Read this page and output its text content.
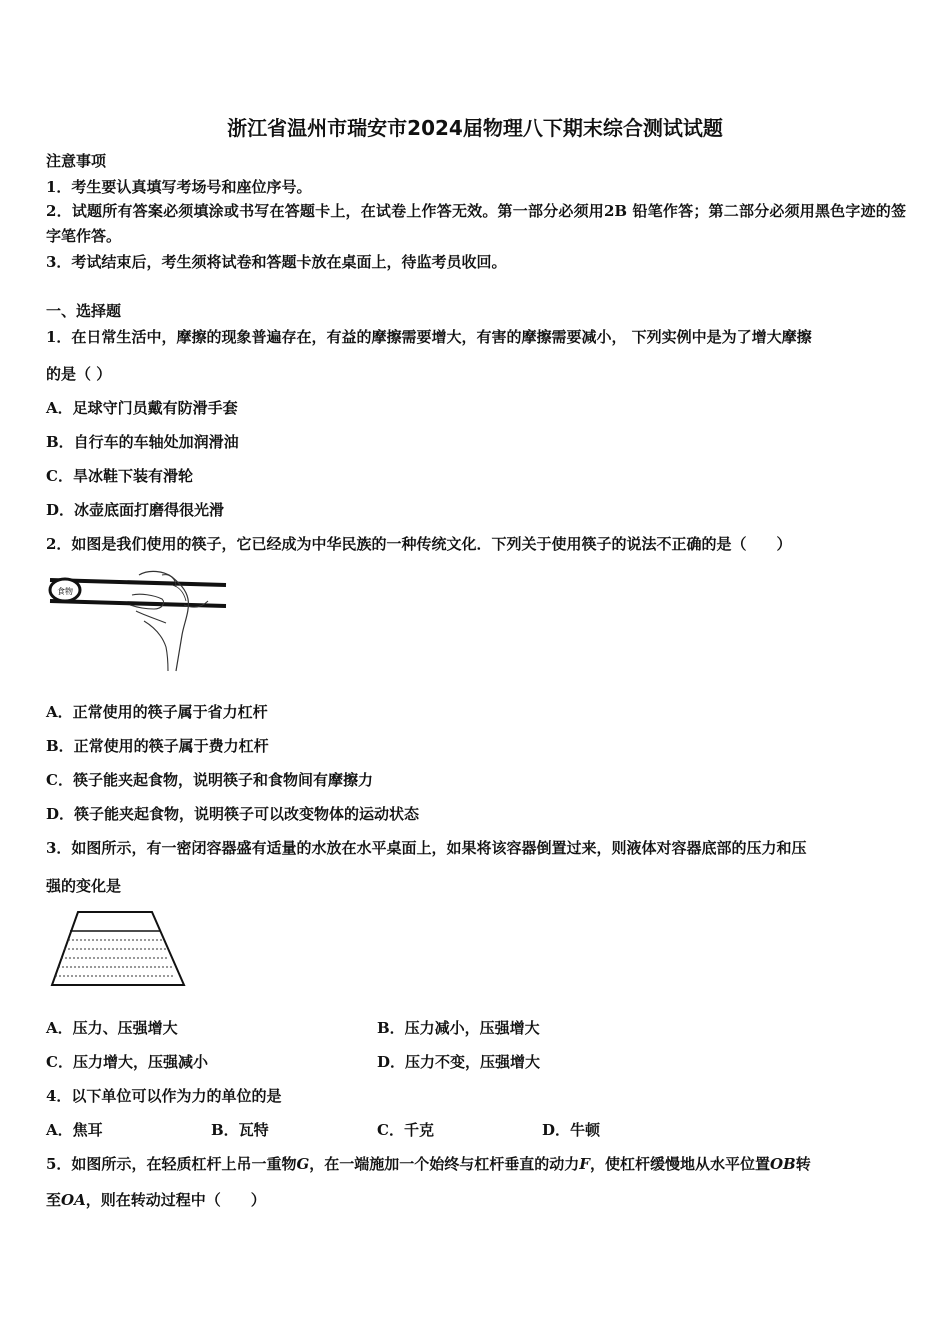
浙江省温州市瑞安市2024届物理八下期末综合测试试题
注意事项
1．考生要认真填写考场号和座位序号。
2．试题所有答案必须填涂或书写在答题卡上，在试卷上作答无效。第一部分必须用2B 铅笔作答；第二部分必须用黑色字迹的签字笔作答。
3．考试结束后，考生须将试卷和答题卡放在桌面上，待监考员收回。
一、选择题
1．在日常生活中，摩擦的现象普遍存在，有益的摩擦需要增大，有害的摩擦需要减小， 下列实例中是为了增大摩擦
的是（ ）
A．足球守门员戴有防滑手套
B．自行车的车轴处加润滑油
C．旱冰鞋下装有滑轮
D．冰壶底面打磨得很光滑
2．如图是我们使用的筷子，它已经成为中华民族的一种传统文化．下列关于使用筷子的说法不正确的是（　　）
食物
A．正常使用的筷子属于省力杠杆
B．正常使用的筷子属于费力杠杆
C．筷子能夹起食物，说明筷子和食物间有摩擦力
D．筷子能夹起食物，说明筷子可以改变物体的运动状态
3．如图所示，有一密闭容器盛有适量的水放在水平桌面上，如果将该容器倒置过来，则液体对容器底部的压力和压
强的变化是
A．压力、压强增大	B．压力减小，压强增大
C．压力增大，压强减小	D．压力不变，压强增大
4．以下单位可以作为力的单位的是
A．焦耳	B．瓦特	C．千克	D．牛顿
5．如图所示，在轻质杠杆上吊一重物G，在一端施加一个始终与杠杆垂直的动力F，使杠杆缓慢地从水平位置OB转
至OA，则在转动过程中（　　）
